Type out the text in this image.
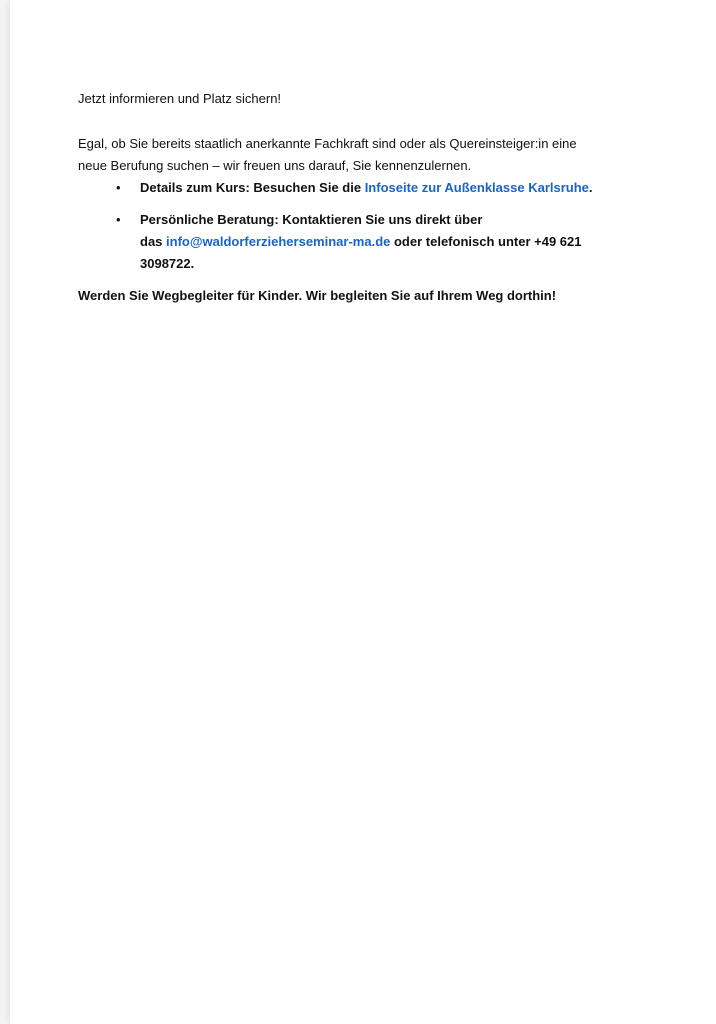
Jetzt informieren und Platz sichern!

Egal, ob Sie bereits staatlich anerkannte Fachkraft sind oder als Quereinsteiger:in eine
neue Berufung suchen – wir freuen uns darauf, Sie kennenzulernen.

• Details zum Kurs: Besuchen Sie die Infoseite zur Außenklasse Karlsruhe.
• Persönliche Beratung: Kontaktieren Sie uns direkt über
das info@waldorferzieherseminar-ma.de oder telefonisch unter +49 621
3098722.

Werden Sie Wegbegleiter für Kinder. Wir begleiten Sie auf Ihrem Weg dorthin!
